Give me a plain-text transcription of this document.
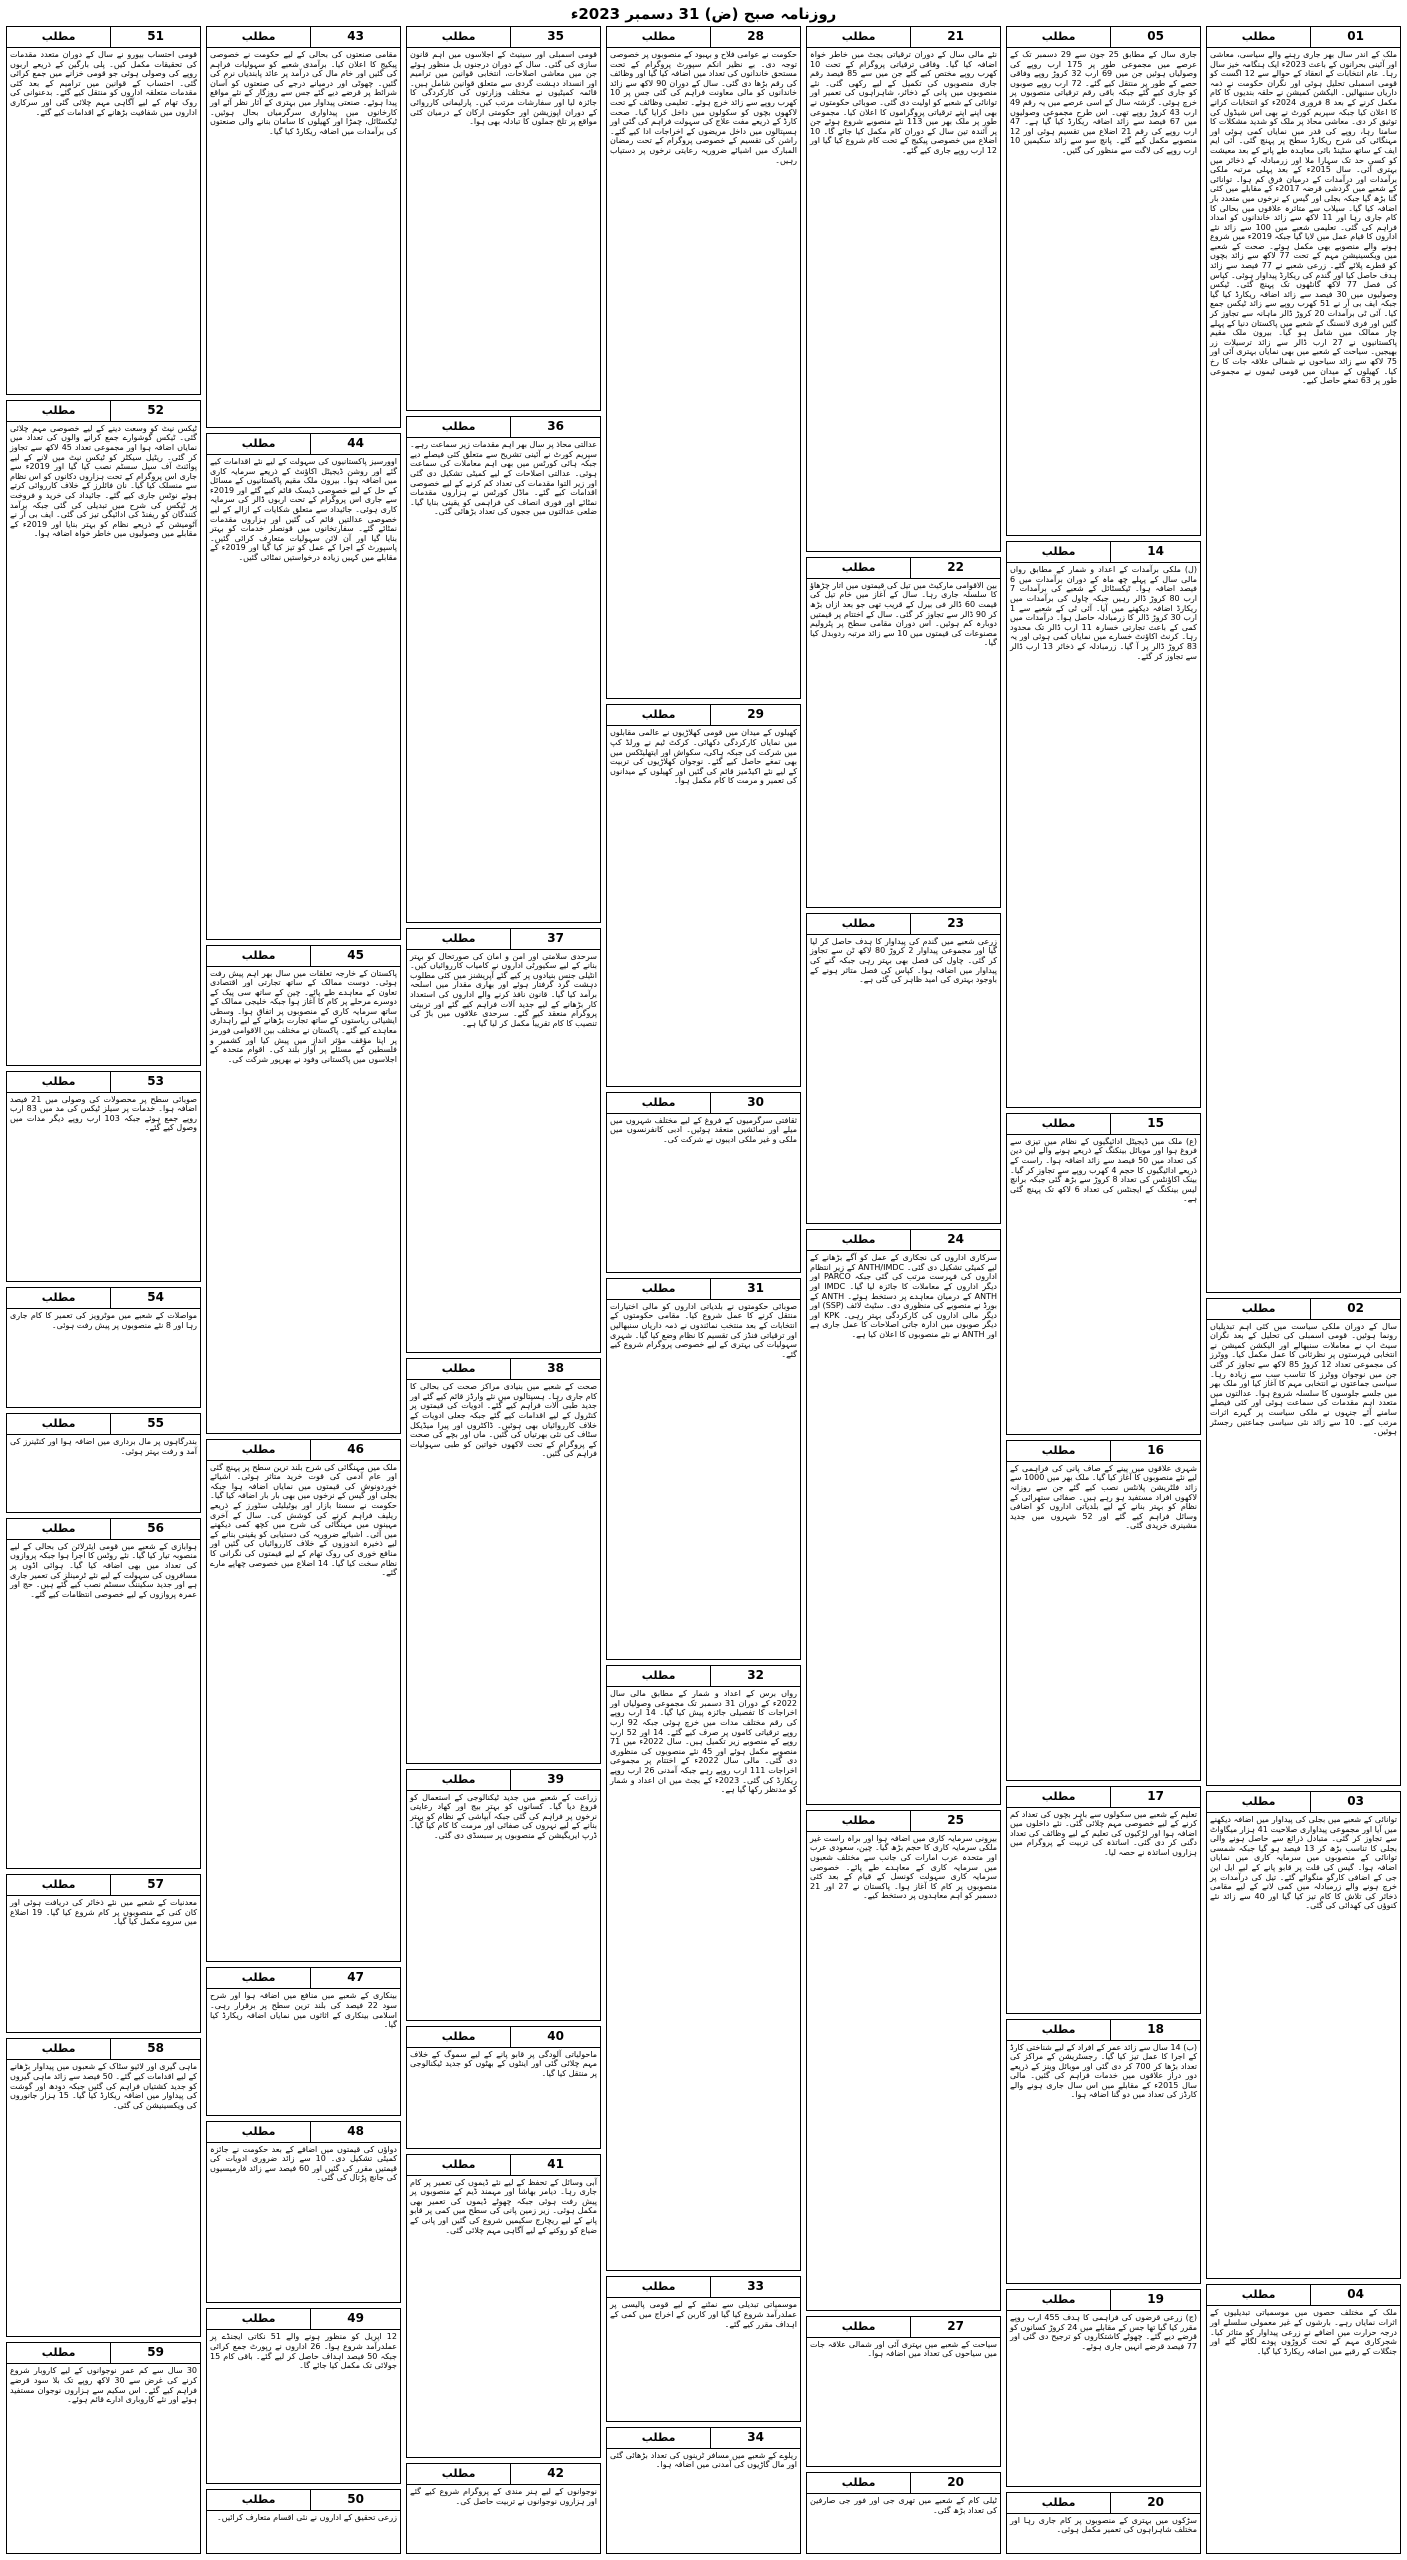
روزنامہ صبح (ض) 31 دسمبر 2023ء
01
مطلب
ملک کے اندر سال بھر جاری رہنے والے سیاسی، معاشی اور آئینی بحرانوں کے باعث 2023ء ایک ہنگامہ خیز سال رہا۔ عام انتخابات کے انعقاد کے حوالے سے 12 اگست کو قومی اسمبلی تحلیل ہوئی اور نگران حکومت نے ذمہ داریاں سنبھالیں۔ الیکشن کمیشن نے حلقہ بندیوں کا کام مکمل کرنے کے بعد 8 فروری 2024ء کو انتخابات کرانے کا اعلان کیا جبکہ سپریم کورٹ نے بھی اس شیڈول کی توثیق کر دی۔ معاشی محاذ پر ملک کو شدید مشکلات کا سامنا رہا، روپے کی قدر میں نمایاں کمی ہوئی اور مہنگائی کی شرح ریکارڈ سطح پر پہنچ گئی۔ آئی ایم ایف کے ساتھ سٹینڈ بائی معاہدہ طے پانے کے بعد معیشت کو کسی حد تک سہارا ملا اور زرمبادلہ کے ذخائر میں بہتری آئی۔ سال 2015ء کے بعد پہلی مرتبہ ملکی برآمدات اور درآمدات کے درمیان فرق کم ہوا۔ توانائی کے شعبے میں گردشی قرضہ 2017ء کے مقابلے میں کئی گنا بڑھ گیا جبکہ بجلی اور گیس کے نرخوں میں متعدد بار اضافہ کیا گیا۔ سیلاب سے متاثرہ علاقوں میں بحالی کا کام جاری رہا اور 11 لاکھ سے زائد خاندانوں کو امداد فراہم کی گئی۔ تعلیمی شعبے میں 100 سے زائد نئے اداروں کا قیام عمل میں لایا گیا جبکہ 2019ء میں شروع ہونے والے منصوبے بھی مکمل ہوئے۔ صحت کے شعبے میں ویکسینیشن مہم کے تحت 77 لاکھ سے زائد بچوں کو قطرے پلائے گئے۔ زرعی شعبے نے 77 فیصد سے زائد ہدف حاصل کیا اور گندم کی ریکارڈ پیداوار ہوئی۔ کپاس کی فصل 77 لاکھ گانٹھوں تک پہنچ گئی۔ ٹیکس وصولیوں میں 30 فیصد سے زائد اضافہ ریکارڈ کیا گیا جبکہ ایف بی آر نے 51 کھرب روپے سے زائد ٹیکس جمع کیا۔ آئی ٹی برآمدات 20 کروڑ ڈالر ماہانہ سے تجاوز کر گئیں اور فری لانسنگ کے شعبے میں پاکستان دنیا کے پہلے چار ممالک میں شامل ہو گیا۔ بیرون ملک مقیم پاکستانیوں نے 27 ارب ڈالر سے زائد ترسیلات زر بھیجیں۔ سیاحت کے شعبے میں بھی نمایاں بہتری آئی اور 75 لاکھ سے زائد سیاحوں نے شمالی علاقہ جات کا رخ کیا۔ کھیلوں کے میدان میں قومی ٹیموں نے مجموعی طور پر 63 تمغے حاصل کیے۔
02
مطلب
سال کے دوران ملکی سیاست میں کئی اہم تبدیلیاں رونما ہوئیں۔ قومی اسمبلی کی تحلیل کے بعد نگران سیٹ اپ نے معاملات سنبھالے اور الیکشن کمیشن نے انتخابی فہرستوں پر نظرثانی کا عمل مکمل کیا۔ ووٹرز کی مجموعی تعداد 12 کروڑ 85 لاکھ سے تجاوز کر گئی جن میں نوجوان ووٹرز کا تناسب سب سے زیادہ رہا۔ سیاسی جماعتوں نے انتخابی مہم کا آغاز کیا اور ملک بھر میں جلسے جلوسوں کا سلسلہ شروع ہوا۔ عدالتوں میں متعدد اہم مقدمات کی سماعت ہوئی اور کئی فیصلے سامنے آئے جنہوں نے ملکی سیاست پر گہرے اثرات مرتب کیے۔ 10 سے زائد نئی سیاسی جماعتیں رجسٹر ہوئیں۔
03
مطلب
توانائی کے شعبے میں بجلی کی پیداوار میں اضافہ دیکھنے میں آیا اور مجموعی پیداواری صلاحیت 41 ہزار میگاواٹ سے تجاوز کر گئی۔ متبادل ذرائع سے حاصل ہونے والی بجلی کا تناسب بڑھ کر 13 فیصد ہو گیا جبکہ شمسی توانائی کے منصوبوں میں سرمایہ کاری میں نمایاں اضافہ ہوا۔ گیس کی قلت پر قابو پانے کے لیے ایل این جی کے اضافی کارگو منگوائے گئے۔ تیل کی درآمدات پر خرچ ہونے والے زرمبادلہ میں کمی لانے کے لیے مقامی ذخائر کی تلاش کا کام تیز کیا گیا اور 40 سے زائد نئے کنوؤں کی کھدائی کی گئی۔
04
مطلب
ملک کے مختلف حصوں میں موسمیاتی تبدیلیوں کے اثرات نمایاں رہے۔ بارشوں کے غیر معمولی سلسلے اور درجہ حرارت میں اضافے نے زرعی پیداوار کو متاثر کیا۔ شجرکاری مہم کے تحت کروڑوں پودے لگائے گئے اور جنگلات کے رقبے میں اضافہ ریکارڈ کیا گیا۔
05
مطلب
جاری سال کے مطابق 25 جون سے 29 دسمبر تک کے عرصے میں مجموعی طور پر 175 ارب روپے کی وصولیاں ہوئیں جن میں 69 ارب 32 کروڑ روپے وفاقی حصے کے طور پر منتقل کیے گئے۔ 72 ارب روپے صوبوں کو جاری کیے گئے جبکہ باقی رقم ترقیاتی منصوبوں پر خرچ ہوئی۔ گزشتہ سال کے اسی عرصے میں یہ رقم 49 ارب 43 کروڑ روپے تھی۔ اس طرح مجموعی وصولیوں میں 67 فیصد سے زائد اضافہ ریکارڈ کیا گیا ہے۔ 47 ارب روپے کی رقم 21 اضلاع میں تقسیم ہوئی اور 12 منصوبے مکمل کیے گئے۔ پانچ سو سے زائد سکیمیں 10 ارب روپے کی لاگت سے منظور کی گئیں۔
14
مطلب
(ل) ملکی برآمدات کے اعداد و شمار کے مطابق رواں مالی سال کے پہلے چھ ماہ کے دوران برآمدات میں 6 فیصد اضافہ ہوا۔ ٹیکسٹائل کے شعبے کی برآمدات 7 ارب 80 کروڑ ڈالر رہیں جبکہ چاول کی برآمدات میں ریکارڈ اضافہ دیکھنے میں آیا۔ آئی ٹی کے شعبے سے 1 ارب 30 کروڑ ڈالر کا زرمبادلہ حاصل ہوا۔ درآمدات میں کمی کے باعث تجارتی خسارہ 11 ارب ڈالر تک محدود رہا۔ کرنٹ اکاؤنٹ خسارے میں نمایاں کمی ہوئی اور یہ 83 کروڑ ڈالر پر آ گیا۔ زرمبادلہ کے ذخائر 13 ارب ڈالر سے تجاوز کر گئے۔
15
مطلب
(ع) ملک میں ڈیجیٹل ادائیگیوں کے نظام میں تیزی سے فروغ ہوا اور موبائل بینکنگ کے ذریعے ہونے والے لین دین کی تعداد میں 50 فیصد سے زائد اضافہ ہوا۔ راست کے ذریعے ادائیگیوں کا حجم 4 کھرب روپے سے تجاوز کر گیا۔ بینک اکاؤنٹس کی تعداد 8 کروڑ سے بڑھ گئی جبکہ برانچ لیس بینکنگ کے ایجنٹس کی تعداد 6 لاکھ تک پہنچ گئی ہے۔
16
مطلب
شہری علاقوں میں پینے کے صاف پانی کی فراہمی کے لیے نئے منصوبوں کا آغاز کیا گیا۔ ملک بھر میں 1000 سے زائد فلٹریشن پلانٹس نصب کیے گئے جن سے روزانہ لاکھوں افراد مستفید ہو رہے ہیں۔ صفائی ستھرائی کے نظام کو بہتر بنانے کے لیے بلدیاتی اداروں کو اضافی وسائل فراہم کیے گئے اور 52 شہروں میں جدید مشینری خریدی گئی۔
17
مطلب
تعلیم کے شعبے میں سکولوں سے باہر بچوں کی تعداد کم کرنے کے لیے خصوصی مہم چلائی گئی۔ نئے داخلوں میں اضافہ ہوا اور لڑکیوں کی تعلیم کے لیے وظائف کی تعداد دگنی کر دی گئی۔ اساتذہ کی تربیت کے پروگرام میں ہزاروں اساتذہ نے حصہ لیا۔
18
مطلب
(ب) 14 سال سے زائد عمر کے افراد کے لیے شناختی کارڈ کے اجرا کا عمل تیز کیا گیا۔ رجسٹریشن کے مراکز کی تعداد بڑھا کر 700 کر دی گئی اور موبائل وینز کے ذریعے دور دراز علاقوں میں خدمات فراہم کی گئیں۔ مالی سال 2015ء کے مقابلے میں اس سال جاری ہونے والے کارڈز کی تعداد میں دو گنا اضافہ ہوا۔
19
مطلب
(ج) زرعی قرضوں کی فراہمی کا ہدف 455 ارب روپے مقرر کیا گیا تھا جس کے مقابلے میں 24 کروڑ کسانوں کو قرضے دیے گئے۔ چھوٹے کاشتکاروں کو ترجیح دی گئی اور 77 فیصد قرضے انہیں جاری ہوئے۔
20
مطلب
سڑکوں میں بہتری کے منصوبوں پر کام جاری رہا اور مختلف شاہراہوں کی تعمیر مکمل ہوئی۔
21
مطلب
نئے مالی سال کے دوران ترقیاتی بجٹ میں خاطر خواہ اضافہ کیا گیا۔ وفاقی ترقیاتی پروگرام کے تحت 10 کھرب روپے مختص کیے گئے جن میں سے 85 فیصد رقم جاری منصوبوں کی تکمیل کے لیے رکھی گئی۔ نئے منصوبوں میں پانی کے ذخائر، شاہراہوں کی تعمیر اور توانائی کے شعبے کو اولیت دی گئی۔ صوبائی حکومتوں نے بھی اپنے اپنے ترقیاتی پروگراموں کا اعلان کیا۔ مجموعی طور پر ملک بھر میں 113 نئے منصوبے شروع ہوئے جن پر آئندہ تین سال کے دوران کام مکمل کیا جائے گا۔ 10 اضلاع میں خصوصی پیکیج کے تحت کام شروع کیا گیا اور 12 ارب روپے جاری کیے گئے۔
22
مطلب
بین الاقوامی مارکیٹ میں تیل کی قیمتوں میں اتار چڑھاؤ کا سلسلہ جاری رہا۔ سال کے آغاز میں خام تیل کی قیمت 60 ڈالر فی بیرل کے قریب تھی جو بعد ازاں بڑھ کر 90 ڈالر سے تجاوز کر گئی۔ سال کے اختتام پر قیمتیں دوبارہ کم ہوئیں۔ اس دوران مقامی سطح پر پٹرولیم مصنوعات کی قیمتوں میں 10 سے زائد مرتبہ ردوبدل کیا گیا۔
23
مطلب
زرعی شعبے میں گندم کی پیداوار کا ہدف حاصل کر لیا گیا اور مجموعی پیداوار 2 کروڑ 80 لاکھ ٹن سے تجاوز کر گئی۔ چاول کی فصل بھی بہتر رہی جبکہ گنے کی پیداوار میں اضافہ ہوا۔ کپاس کی فصل متاثر ہونے کے باوجود بہتری کی امید ظاہر کی گئی ہے۔
24
مطلب
سرکاری اداروں کی نجکاری کے عمل کو آگے بڑھانے کے لیے کمیٹی تشکیل دی گئی۔ ANTH/IMDC کے زیر انتظام اداروں کی فہرست مرتب کی گئی جبکہ PARCO اور دیگر اداروں کے معاملات کا جائزہ لیا گیا۔ IMDC اور ANTH کے درمیان معاہدے پر دستخط ہوئے۔ ANTH کے بورڈ نے منصوبے کی منظوری دی۔ سٹیٹ لائف (SSP) اور دیگر مالی اداروں کی کارکردگی بہتر رہی۔ KPK اور دیگر صوبوں میں ادارہ جاتی اصلاحات کا عمل جاری ہے اور ANTH نے نئے منصوبوں کا اعلان کیا ہے۔
25
مطلب
بیرونی سرمایہ کاری میں اضافہ ہوا اور براہ راست غیر ملکی سرمایہ کاری کا حجم بڑھ گیا۔ چین، سعودی عرب اور متحدہ عرب امارات کی جانب سے مختلف شعبوں میں سرمایہ کاری کے معاہدے طے پائے۔ خصوصی سرمایہ کاری سہولت کونسل کے قیام کے بعد کئی منصوبوں پر کام کا آغاز ہوا۔ پاکستان نے 27 اور 21 دسمبر کو اہم معاہدوں پر دستخط کیے۔
27
مطلب
سیاحت کے شعبے میں بہتری آئی اور شمالی علاقہ جات میں سیاحوں کی تعداد میں اضافہ ہوا۔
20
مطلب
ٹیلی کام کے شعبے میں تھری جی اور فور جی صارفین کی تعداد بڑھ گئی۔
28
مطلب
حکومت نے عوامی فلاح و بہبود کے منصوبوں پر خصوصی توجہ دی۔ بے نظیر انکم سپورٹ پروگرام کے تحت مستحق خاندانوں کی تعداد میں اضافہ کیا گیا اور وظائف کی رقم بڑھا دی گئی۔ سال کے دوران 90 لاکھ سے زائد خاندانوں کو مالی معاونت فراہم کی گئی جس پر 10 کھرب روپے سے زائد خرچ ہوئے۔ تعلیمی وظائف کے تحت لاکھوں بچوں کو سکولوں میں داخل کرایا گیا۔ صحت کارڈ کے ذریعے مفت علاج کی سہولت فراہم کی گئی اور ہسپتالوں میں داخل مریضوں کے اخراجات ادا کیے گئے۔ راشن کی تقسیم کے خصوصی پروگرام کے تحت رمضان المبارک میں اشیائے ضروریہ رعایتی نرخوں پر دستیاب رہیں۔
29
مطلب
کھیلوں کے میدان میں قومی کھلاڑیوں نے عالمی مقابلوں میں نمایاں کارکردگی دکھائی۔ کرکٹ ٹیم نے ورلڈ کپ میں شرکت کی جبکہ ہاکی، سکواش اور ایتھلیٹکس میں بھی تمغے حاصل کیے گئے۔ نوجوان کھلاڑیوں کی تربیت کے لیے نئے اکیڈمیز قائم کی گئیں اور کھیلوں کے میدانوں کی تعمیر و مرمت کا کام مکمل ہوا۔
30
مطلب
ثقافتی سرگرمیوں کے فروغ کے لیے مختلف شہروں میں میلے اور نمائشیں منعقد ہوئیں۔ ادبی کانفرنسوں میں ملکی و غیر ملکی ادیبوں نے شرکت کی۔
31
مطلب
صوبائی حکومتوں نے بلدیاتی اداروں کو مالی اختیارات منتقل کرنے کا عمل شروع کیا۔ مقامی حکومتوں کے انتخابات کے بعد منتخب نمائندوں نے ذمہ داریاں سنبھالیں اور ترقیاتی فنڈز کی تقسیم کا نظام وضع کیا گیا۔ شہری سہولیات کی بہتری کے لیے خصوصی پروگرام شروع کیے گئے۔
32
مطلب
رواں برس کے اعداد و شمار کے مطابق مالی سال 2022ء کے دوران 31 دسمبر تک مجموعی وصولیاں اور اخراجات کا تفصیلی جائزہ پیش کیا گیا۔ 14 ارب روپے کی رقم مختلف مدات میں خرچ ہوئی جبکہ 92 ارب روپے ترقیاتی کاموں پر صرف کیے گئے۔ 14 اور 52 ارب روپے کے منصوبے زیر تکمیل ہیں۔ سال 2022ء میں 71 منصوبے مکمل ہوئے اور 45 نئے منصوبوں کی منظوری دی گئی۔ مالی سال 2022ء کے اختتام پر مجموعی اخراجات 111 ارب روپے رہے جبکہ آمدنی 26 ارب روپے ریکارڈ کی گئی۔ 2023ء کے بجٹ میں ان اعداد و شمار کو مدنظر رکھا گیا ہے۔
33
مطلب
موسمیاتی تبدیلی سے نمٹنے کے لیے قومی پالیسی پر عملدرآمد شروع کیا گیا اور کاربن کے اخراج میں کمی کے اہداف مقرر کیے گئے۔
34
مطلب
ریلوے کے شعبے میں مسافر ٹرینوں کی تعداد بڑھائی گئی اور مال گاڑیوں کی آمدنی میں اضافہ ہوا۔
35
مطلب
قومی اسمبلی اور سینیٹ کے اجلاسوں میں اہم قانون سازی کی گئی۔ سال کے دوران درجنوں بل منظور ہوئے جن میں معاشی اصلاحات، انتخابی قوانین میں ترامیم اور انسداد دہشت گردی سے متعلق قوانین شامل ہیں۔ قائمہ کمیٹیوں نے مختلف وزارتوں کی کارکردگی کا جائزہ لیا اور سفارشات مرتب کیں۔ پارلیمانی کارروائی کے دوران اپوزیشن اور حکومتی ارکان کے درمیان کئی مواقع پر تلخ جملوں کا تبادلہ بھی ہوا۔
36
مطلب
عدالتی محاذ پر سال بھر اہم مقدمات زیر سماعت رہے۔ سپریم کورٹ نے آئینی تشریح سے متعلق کئی فیصلے دیے جبکہ ہائی کورٹس میں بھی اہم معاملات کی سماعت ہوئی۔ عدالتی اصلاحات کے لیے کمیٹی تشکیل دی گئی اور زیر التوا مقدمات کی تعداد کم کرنے کے لیے خصوصی اقدامات کیے گئے۔ ماڈل کورٹس نے ہزاروں مقدمات نمٹائے اور فوری انصاف کی فراہمی کو یقینی بنایا گیا۔ ضلعی عدالتوں میں ججوں کی تعداد بڑھائی گئی۔
37
مطلب
سرحدی سلامتی اور امن و امان کی صورتحال کو بہتر بنانے کے لیے سکیورٹی اداروں نے کامیاب کارروائیاں کیں۔ انٹیلی جنس بنیادوں پر کیے گئے آپریشنز میں کئی مطلوب دہشت گرد گرفتار ہوئے اور بھاری مقدار میں اسلحہ برآمد کیا گیا۔ قانون نافذ کرنے والے اداروں کی استعداد کار بڑھانے کے لیے جدید آلات فراہم کیے گئے اور تربیتی پروگرام منعقد کیے گئے۔ سرحدی علاقوں میں باڑ کی تنصیب کا کام تقریباً مکمل کر لیا گیا ہے۔
38
مطلب
صحت کے شعبے میں بنیادی مراکز صحت کی بحالی کا کام جاری رہا۔ ہسپتالوں میں نئے وارڈز قائم کیے گئے اور جدید طبی آلات فراہم کیے گئے۔ ادویات کی قیمتوں پر کنٹرول کے لیے اقدامات کیے گئے جبکہ جعلی ادویات کے خلاف کارروائیاں بھی ہوئیں۔ ڈاکٹروں اور پیرا میڈیکل سٹاف کی نئی بھرتیاں کی گئیں۔ ماں اور بچے کی صحت کے پروگرام کے تحت لاکھوں خواتین کو طبی سہولیات فراہم کی گئیں۔
39
مطلب
زراعت کے شعبے میں جدید ٹیکنالوجی کے استعمال کو فروغ دیا گیا۔ کسانوں کو بہتر بیج اور کھاد رعایتی نرخوں پر فراہم کی گئی جبکہ آبپاشی کے نظام کو بہتر بنانے کے لیے نہروں کی صفائی اور مرمت کا کام کیا گیا۔ ڈرپ ایریگیشن کے منصوبوں پر سبسڈی دی گئی۔
40
مطلب
ماحولیاتی آلودگی پر قابو پانے کے لیے سموگ کے خلاف مہم چلائی گئی اور اینٹوں کے بھٹوں کو جدید ٹیکنالوجی پر منتقل کیا گیا۔
41
مطلب
آبی وسائل کے تحفظ کے لیے نئے ڈیموں کی تعمیر پر کام جاری رہا۔ دیامر بھاشا اور مہمند ڈیم کے منصوبوں پر پیش رفت ہوئی جبکہ چھوٹے ڈیموں کی تعمیر بھی مکمل ہوئی۔ زیر زمین پانی کی سطح میں کمی پر قابو پانے کے لیے ریچارج سکیمیں شروع کی گئیں اور پانی کے ضیاع کو روکنے کے لیے آگاہی مہم چلائی گئی۔
42
مطلب
نوجوانوں کے لیے ہنر مندی کے پروگرام شروع کیے گئے اور ہزاروں نوجوانوں نے تربیت حاصل کی۔
43
مطلب
مقامی صنعتوں کی بحالی کے لیے حکومت نے خصوصی پیکیج کا اعلان کیا۔ برآمدی شعبے کو سہولیات فراہم کی گئیں اور خام مال کی درآمد پر عائد پابندیاں نرم کی گئیں۔ چھوٹی اور درمیانے درجے کی صنعتوں کو آسان شرائط پر قرضے دیے گئے جس سے روزگار کے نئے مواقع پیدا ہوئے۔ صنعتی پیداوار میں بہتری کے آثار نظر آئے اور کارخانوں میں پیداواری سرگرمیاں بحال ہوئیں۔ ٹیکسٹائل، چمڑا اور کھیلوں کا سامان بنانے والی صنعتوں کی برآمدات میں اضافہ ریکارڈ کیا گیا۔
44
مطلب
اوورسیز پاکستانیوں کی سہولت کے لیے نئے اقدامات کیے گئے اور روشن ڈیجیٹل اکاؤنٹ کے ذریعے سرمایہ کاری میں اضافہ ہوا۔ بیرون ملک مقیم پاکستانیوں کے مسائل کے حل کے لیے خصوصی ڈیسک قائم کیے گئے اور 2019ء سے جاری اس پروگرام کے تحت اربوں ڈالر کی سرمایہ کاری ہوئی۔ جائیداد سے متعلق شکایات کے ازالے کے لیے خصوصی عدالتیں قائم کی گئیں اور ہزاروں مقدمات نمٹائے گئے۔ سفارتخانوں میں قونصلر خدمات کو بہتر بنایا گیا اور آن لائن سہولیات متعارف کرائی گئیں۔ پاسپورٹ کے اجرا کے عمل کو تیز کیا گیا اور 2019ء کے مقابلے میں کہیں زیادہ درخواستیں نمٹائی گئیں۔
45
مطلب
پاکستان کے خارجہ تعلقات میں سال بھر اہم پیش رفت ہوئی۔ دوست ممالک کے ساتھ تجارتی اور اقتصادی تعاون کے معاہدے طے پائے۔ چین کے ساتھ سی پیک کے دوسرے مرحلے پر کام کا آغاز ہوا جبکہ خلیجی ممالک کے ساتھ سرمایہ کاری کے منصوبوں پر اتفاق ہوا۔ وسطی ایشیائی ریاستوں کے ساتھ تجارت بڑھانے کے لیے راہداری معاہدے کیے گئے۔ پاکستان نے مختلف بین الاقوامی فورمز پر اپنا مؤقف مؤثر انداز میں پیش کیا اور کشمیر و فلسطین کے مسئلے پر آواز بلند کی۔ اقوام متحدہ کے اجلاسوں میں پاکستانی وفود نے بھرپور شرکت کی۔
46
مطلب
ملک میں مہنگائی کی شرح بلند ترین سطح پر پہنچ گئی اور عام آدمی کی قوت خرید متاثر ہوئی۔ اشیائے خوردونوش کی قیمتوں میں نمایاں اضافہ ہوا جبکہ بجلی اور گیس کے نرخوں میں بھی بار بار اضافہ کیا گیا۔ حکومت نے سستا بازار اور یوٹیلیٹی سٹورز کے ذریعے ریلیف فراہم کرنے کی کوشش کی۔ سال کے آخری مہینوں میں مہنگائی کی شرح میں کچھ کمی دیکھنے میں آئی۔ اشیائے ضروریہ کی دستیابی کو یقینی بنانے کے لیے ذخیرہ اندوزوں کے خلاف کارروائیاں کی گئیں اور منافع خوری کی روک تھام کے لیے قیمتوں کی نگرانی کا نظام سخت کیا گیا۔ 14 اضلاع میں خصوصی چھاپے مارے گئے۔
47
مطلب
بینکاری کے شعبے میں منافع میں اضافہ ہوا اور شرح سود 22 فیصد کی بلند ترین سطح پر برقرار رہی۔ اسلامی بینکاری کے اثاثوں میں نمایاں اضافہ ریکارڈ کیا گیا۔
48
مطلب
دواؤں کی قیمتوں میں اضافے کے بعد حکومت نے جائزہ کمیٹی تشکیل دی۔ 10 سے زائد ضروری ادویات کی قیمتیں مقرر کی گئیں اور 60 فیصد سے زائد فارمیسیوں کی جانچ پڑتال کی گئی۔
49
مطلب
12 اپریل کو منظور ہونے والے 51 نکاتی ایجنڈے پر عملدرآمد شروع ہوا۔ 26 اداروں نے رپورٹ جمع کرائی جبکہ 50 فیصد اہداف حاصل کر لیے گئے۔ باقی کام 15 جولائی تک مکمل کیا جائے گا۔
50
مطلب
زرعی تحقیق کے اداروں نے نئی اقسام متعارف کرائیں۔
51
مطلب
قومی احتساب بیورو نے سال کے دوران متعدد مقدمات کی تحقیقات مکمل کیں۔ پلی بارگین کے ذریعے اربوں روپے کی وصولی ہوئی جو قومی خزانے میں جمع کرائی گئی۔ احتساب کے قوانین میں ترامیم کے بعد کئی مقدمات متعلقہ اداروں کو منتقل کیے گئے۔ بدعنوانی کی روک تھام کے لیے آگاہی مہم چلائی گئی اور سرکاری اداروں میں شفافیت بڑھانے کے اقدامات کیے گئے۔
52
مطلب
ٹیکس نیٹ کو وسعت دینے کے لیے خصوصی مہم چلائی گئی۔ ٹیکس گوشوارے جمع کرانے والوں کی تعداد میں نمایاں اضافہ ہوا اور مجموعی تعداد 45 لاکھ سے تجاوز کر گئی۔ ریٹیل سیکٹر کو ٹیکس نیٹ میں لانے کے لیے پوائنٹ آف سیل سسٹم نصب کیا گیا اور 2019ء سے جاری اس پروگرام کے تحت ہزاروں دکانوں کو اس نظام سے منسلک کیا گیا۔ نان فائلرز کے خلاف کارروائی کرتے ہوئے نوٹس جاری کیے گئے۔ جائیداد کی خرید و فروخت پر ٹیکس کی شرح میں تبدیلی کی گئی جبکہ برآمد کنندگان کو ریفنڈ کی ادائیگی تیز کی گئی۔ ایف بی آر نے آٹومیشن کے ذریعے نظام کو بہتر بنایا اور 2019ء کے مقابلے میں وصولیوں میں خاطر خواہ اضافہ ہوا۔
53
مطلب
صوبائی سطح پر محصولات کی وصولی میں 21 فیصد اضافہ ہوا۔ خدمات پر سیلز ٹیکس کی مد میں 83 ارب روپے جمع ہوئے جبکہ 103 ارب روپے دیگر مدات میں وصول کیے گئے۔
54
مطلب
مواصلات کے شعبے میں موٹرویز کی تعمیر کا کام جاری رہا اور 8 نئے منصوبوں پر پیش رفت ہوئی۔
55
مطلب
بندرگاہوں پر مال برداری میں اضافہ ہوا اور کنٹینرز کی آمد و رفت بہتر ہوئی۔
56
مطلب
ہوابازی کے شعبے میں قومی ایئرلائن کی بحالی کے لیے منصوبہ تیار کیا گیا۔ نئے روٹس کا اجرا ہوا جبکہ پروازوں کی تعداد میں بھی اضافہ کیا گیا۔ ہوائی اڈوں پر مسافروں کی سہولت کے لیے نئے ٹرمینلز کی تعمیر جاری ہے اور جدید سکیننگ سسٹم نصب کیے گئے ہیں۔ حج اور عمرہ پروازوں کے لیے خصوصی انتظامات کیے گئے۔
57
مطلب
معدنیات کے شعبے میں نئے ذخائر کی دریافت ہوئی اور کان کنی کے منصوبوں پر کام شروع کیا گیا۔ 19 اضلاع میں سروے مکمل کیا گیا۔
58
مطلب
ماہی گیری اور لائیو سٹاک کے شعبوں میں پیداوار بڑھانے کے لیے اقدامات کیے گئے۔ 50 فیصد سے زائد ماہی گیروں کو جدید کشتیاں فراہم کی گئیں جبکہ دودھ اور گوشت کی پیداوار میں اضافہ ریکارڈ کیا گیا۔ 15 ہزار جانوروں کی ویکسینیشن کی گئی۔
59
مطلب
30 سال سے کم عمر نوجوانوں کے لیے کاروبار شروع کرنے کی غرض سے 30 لاکھ روپے تک بلا سود قرضے فراہم کیے گئے۔ اس سکیم سے ہزاروں نوجوان مستفید ہوئے اور نئے کاروباری ادارے قائم ہوئے۔
